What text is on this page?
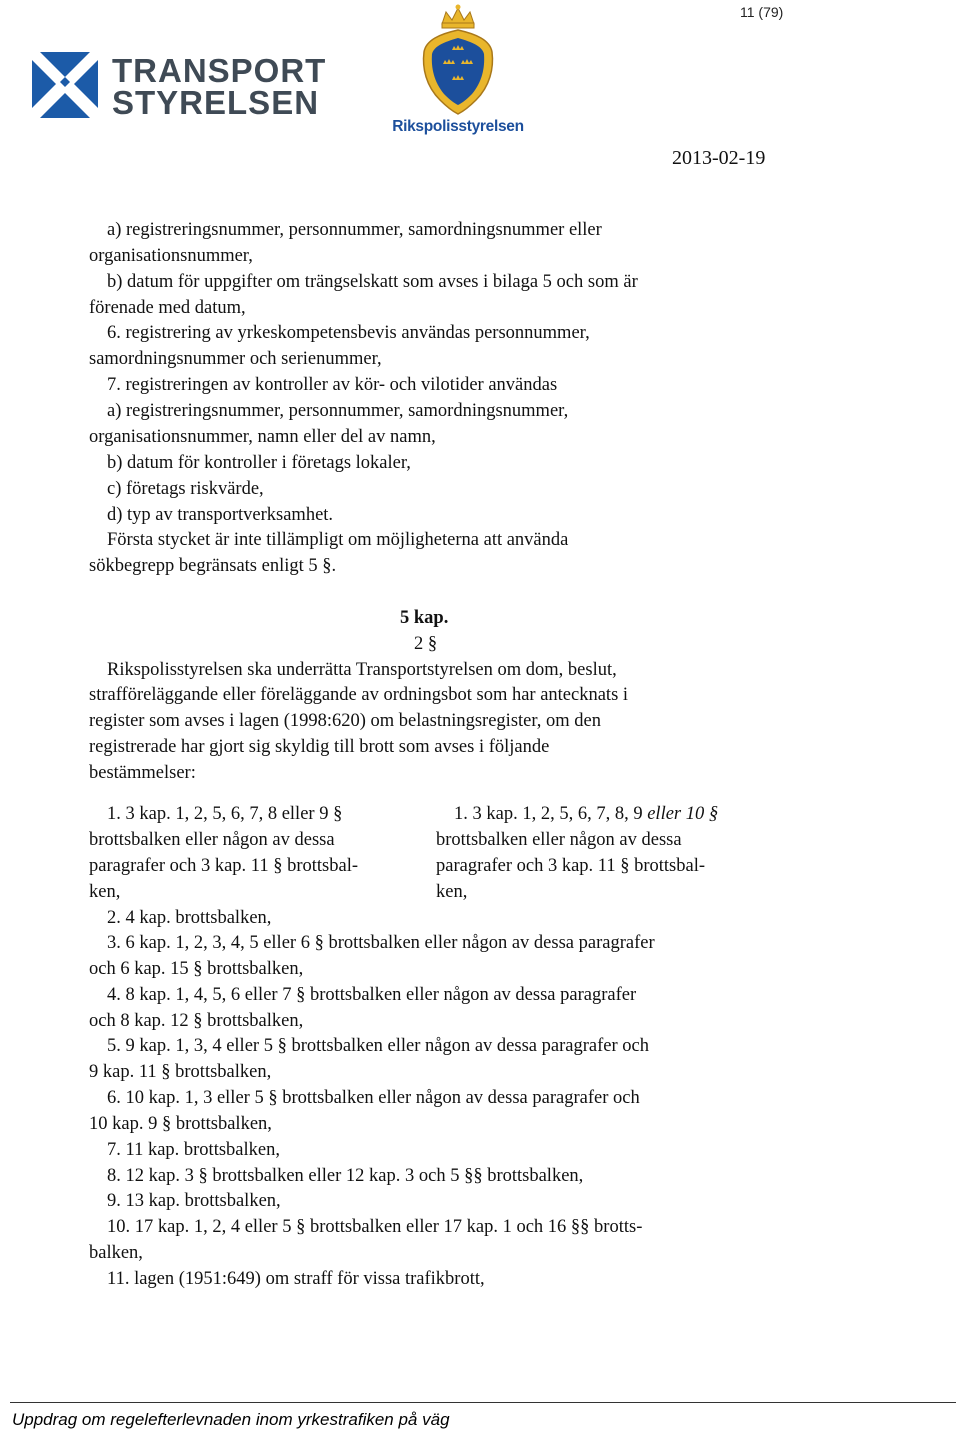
11 (79)
TRANSPORT
STYRELSEN
Rikspolisstyrelsen
2013-02-19
a) registreringsnummer, personnummer, samordningsnummer eller
organisationsnummer,
b) datum för uppgifter om trängselskatt som avses i bilaga 5 och som är
förenade med datum,
6. registrering av yrkeskompetensbevis användas personnummer,
samordningsnummer och serienummer,
7. registreringen av kontroller av kör- och vilotider användas
a) registreringsnummer, personnummer, samordningsnummer,
organisationsnummer, namn eller del av namn,
b) datum för kontroller i företags lokaler,
c) företags riskvärde,
d) typ av transportverksamhet.
Första stycket är inte tillämpligt om möjligheterna att använda
sökbegrepp begränsats enligt 5 §.
5 kap.
2 §
Rikspolisstyrelsen ska underrätta Transportstyrelsen om dom, beslut,
strafföreläggande eller föreläggande av ordningsbot som har antecknats i
register som avses i lagen (1998:620) om belastningsregister, om den
registrerade har gjort sig skyldig till brott som avses i följande
bestämmelser:
1. 3 kap. 1, 2, 5, 6, 7, 8 eller 9 §
brottsbalken eller någon av dessa
paragrafer och 3 kap. 11 § brottsbal-
ken,
1. 3 kap. 1, 2, 5, 6, 7, 8, 9 eller 10 §
brottsbalken eller någon av dessa
paragrafer och 3 kap. 11 § brottsbal-
ken,
2. 4 kap. brottsbalken,
3. 6 kap. 1, 2, 3, 4, 5 eller 6 § brottsbalken eller någon av dessa paragrafer
och 6 kap. 15 § brottsbalken,
4. 8 kap. 1, 4, 5, 6 eller 7 § brottsbalken eller någon av dessa paragrafer
och 8 kap. 12 § brottsbalken,
5. 9 kap. 1, 3, 4 eller 5 § brottsbalken eller någon av dessa paragrafer och
9 kap. 11 § brottsbalken,
6. 10 kap. 1, 3 eller 5 § brottsbalken eller någon av dessa paragrafer och
10 kap. 9 § brottsbalken,
7. 11 kap. brottsbalken,
8. 12 kap. 3 § brottsbalken eller 12 kap. 3 och 5 §§ brottsbalken,
9. 13 kap. brottsbalken,
10. 17 kap. 1, 2, 4 eller 5 § brottsbalken eller 17 kap. 1 och 16 §§ brotts-
balken,
11. lagen (1951:649) om straff för vissa trafikbrott,
Uppdrag om regelefterlevnaden inom yrkestrafiken på väg
